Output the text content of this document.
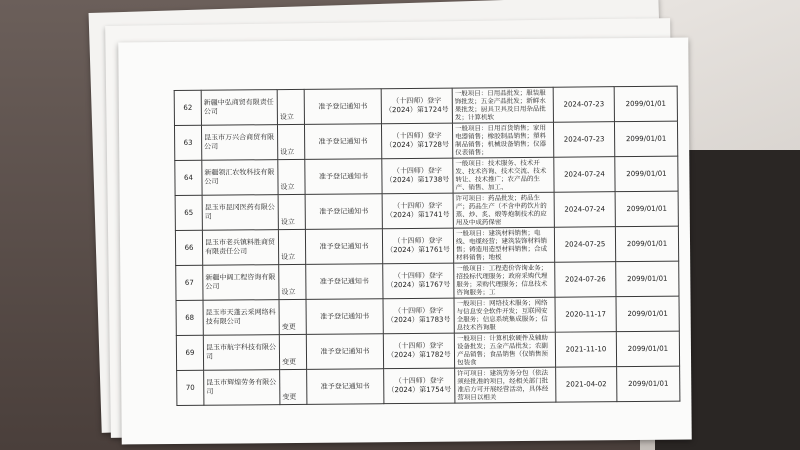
62	新疆中弘商贸有限责任公司	设立	准予登记通知书	（十四师）登字（2024）第1724号	一般项目：日用品批发；服装服饰批发；五金产品批发；新鲜水果批发；厨具卫具及日用杂品批发；计算机软	2024-07-23	2099/01/01
63	昆玉市万兴合商贸有限公司	设立	准予登记通知书	（十四师）登字（2024）第1728号	一般项目：日用百货销售；家用电器销售；橡胶制品销售；塑料制品销售；机械设备销售；仪器仪表销售；	2024-07-23	2099/01/01
64	新疆领汇农牧科技有限公司	设立	准予登记通知书	（十四师）登字（2024）第1738号	一般项目：技术服务、技术开发、技术咨询、技术交流、技术转让、技术推广；农产品的生产、销售、加工、	2024-07-24	2099/01/01
65	昆玉市昆冈医药有限公司	设立	准予登记通知书	（十四师）登字（2024）第1741号	许可项目：药品批发；药品生产；药品生产（不含中药饮片的蒸、炒、炙、煅等炮制技术的应用及中成药保密	2024-07-24	2099/01/01
66	昆玉市老兵镇料胜商贸有限责任公司	设立	准予登记通知书	（十四师）登字（2024）第1761号	一般项目：建筑材料销售；电线、电缆经营；建筑装饰材料销售；铸造用造型材料销售；合成材料销售；地板	2024-07-25	2099/01/01
67	新疆中阔工程咨询有限公司	设立	准予登记通知书	（十四师）登字（2024）第1767号	一般项目：工程造价咨询业务；招投标代理服务；政府采购代理服务；采购代理服务；信息技术咨询服务；工	2024-07-26	2099/01/01
68	昆玉市天蓬云采网络科技有限公司	变更	准予登记通知书	（十四师）登字（2024）第1783号	一般项目：网络技术服务；网络与信息安全软件开发；互联网安全服务；信息系统集成服务；信息技术咨询服	2020-11-17	2099/01/01
69	昆玉市航宇科技有限公司	变更	准予登记通知书	（十四师）登字（2024）第1782号	一般项目：计算机软硬件及辅助设备批发；五金产品批发；农副产品销售；食品销售（仅销售预包装食	2021-11-10	2099/01/01
70	昆玉市辉煌劳务有限公司	变更	准予登记通知书	（十四师）登字（2024）第1754号	许可项目：建筑劳务分包（依法须经批准的项目，经相关部门批准后方可开展经营活动，具体经营项目以相关	2021-04-02	2099/01/01
